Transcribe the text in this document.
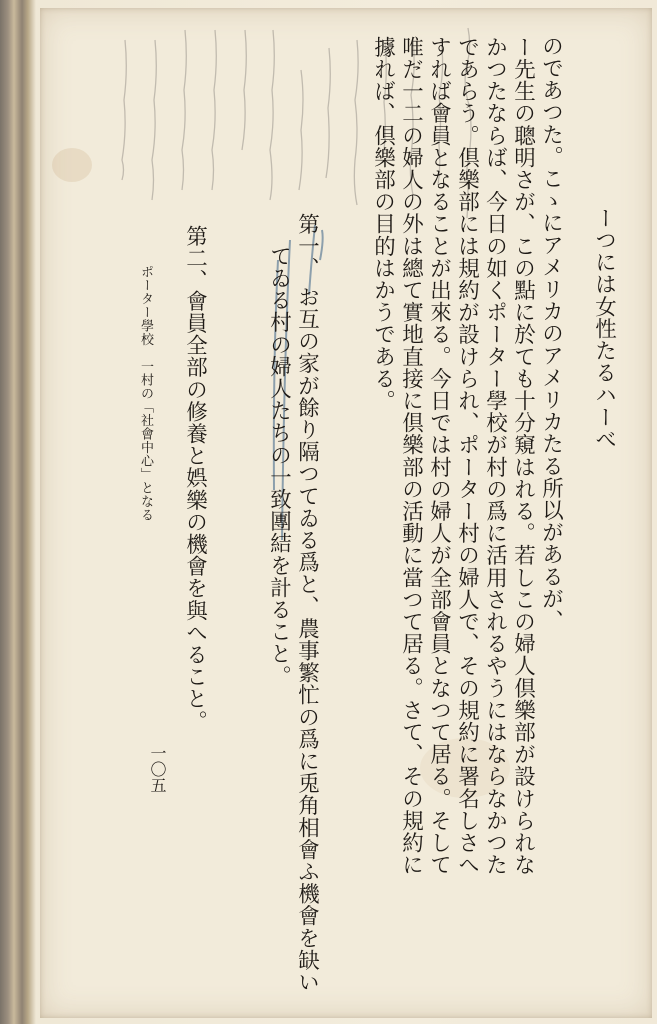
ーつには女性たるハーべ
のであつた。こゝにアメリカのアメリカたる所以があるが、
ー先生の聰明さが、この點に於ても十分窺はれる。若しこの婦人倶樂部が設けられな
かつたならば、今日の如くポーター學校が村の爲に活用されるやうにはならなかつた
であらう。倶樂部には規約が設けられ、ポーター村の婦人で、その規約に署名しさへ
すれば會員となることが出來る。今日では村の婦人が全部會員となつて居る。そして
唯だ一二の婦人の外は總て實地直接に倶樂部の活動に當つて居る。さて、その規約に
據れば、倶樂部の目的はかうである。
第一、
お互の家が餘り隔つてゐる爲と、農事繁忙の爲に兎角相會ふ機會を缺い
てゐる村の婦人たちの一致團結を計ること。
第二、
會員全部の修養と娯樂の機會を與へること。
ポーター學校　一村の「社會中心」となる
一〇五
